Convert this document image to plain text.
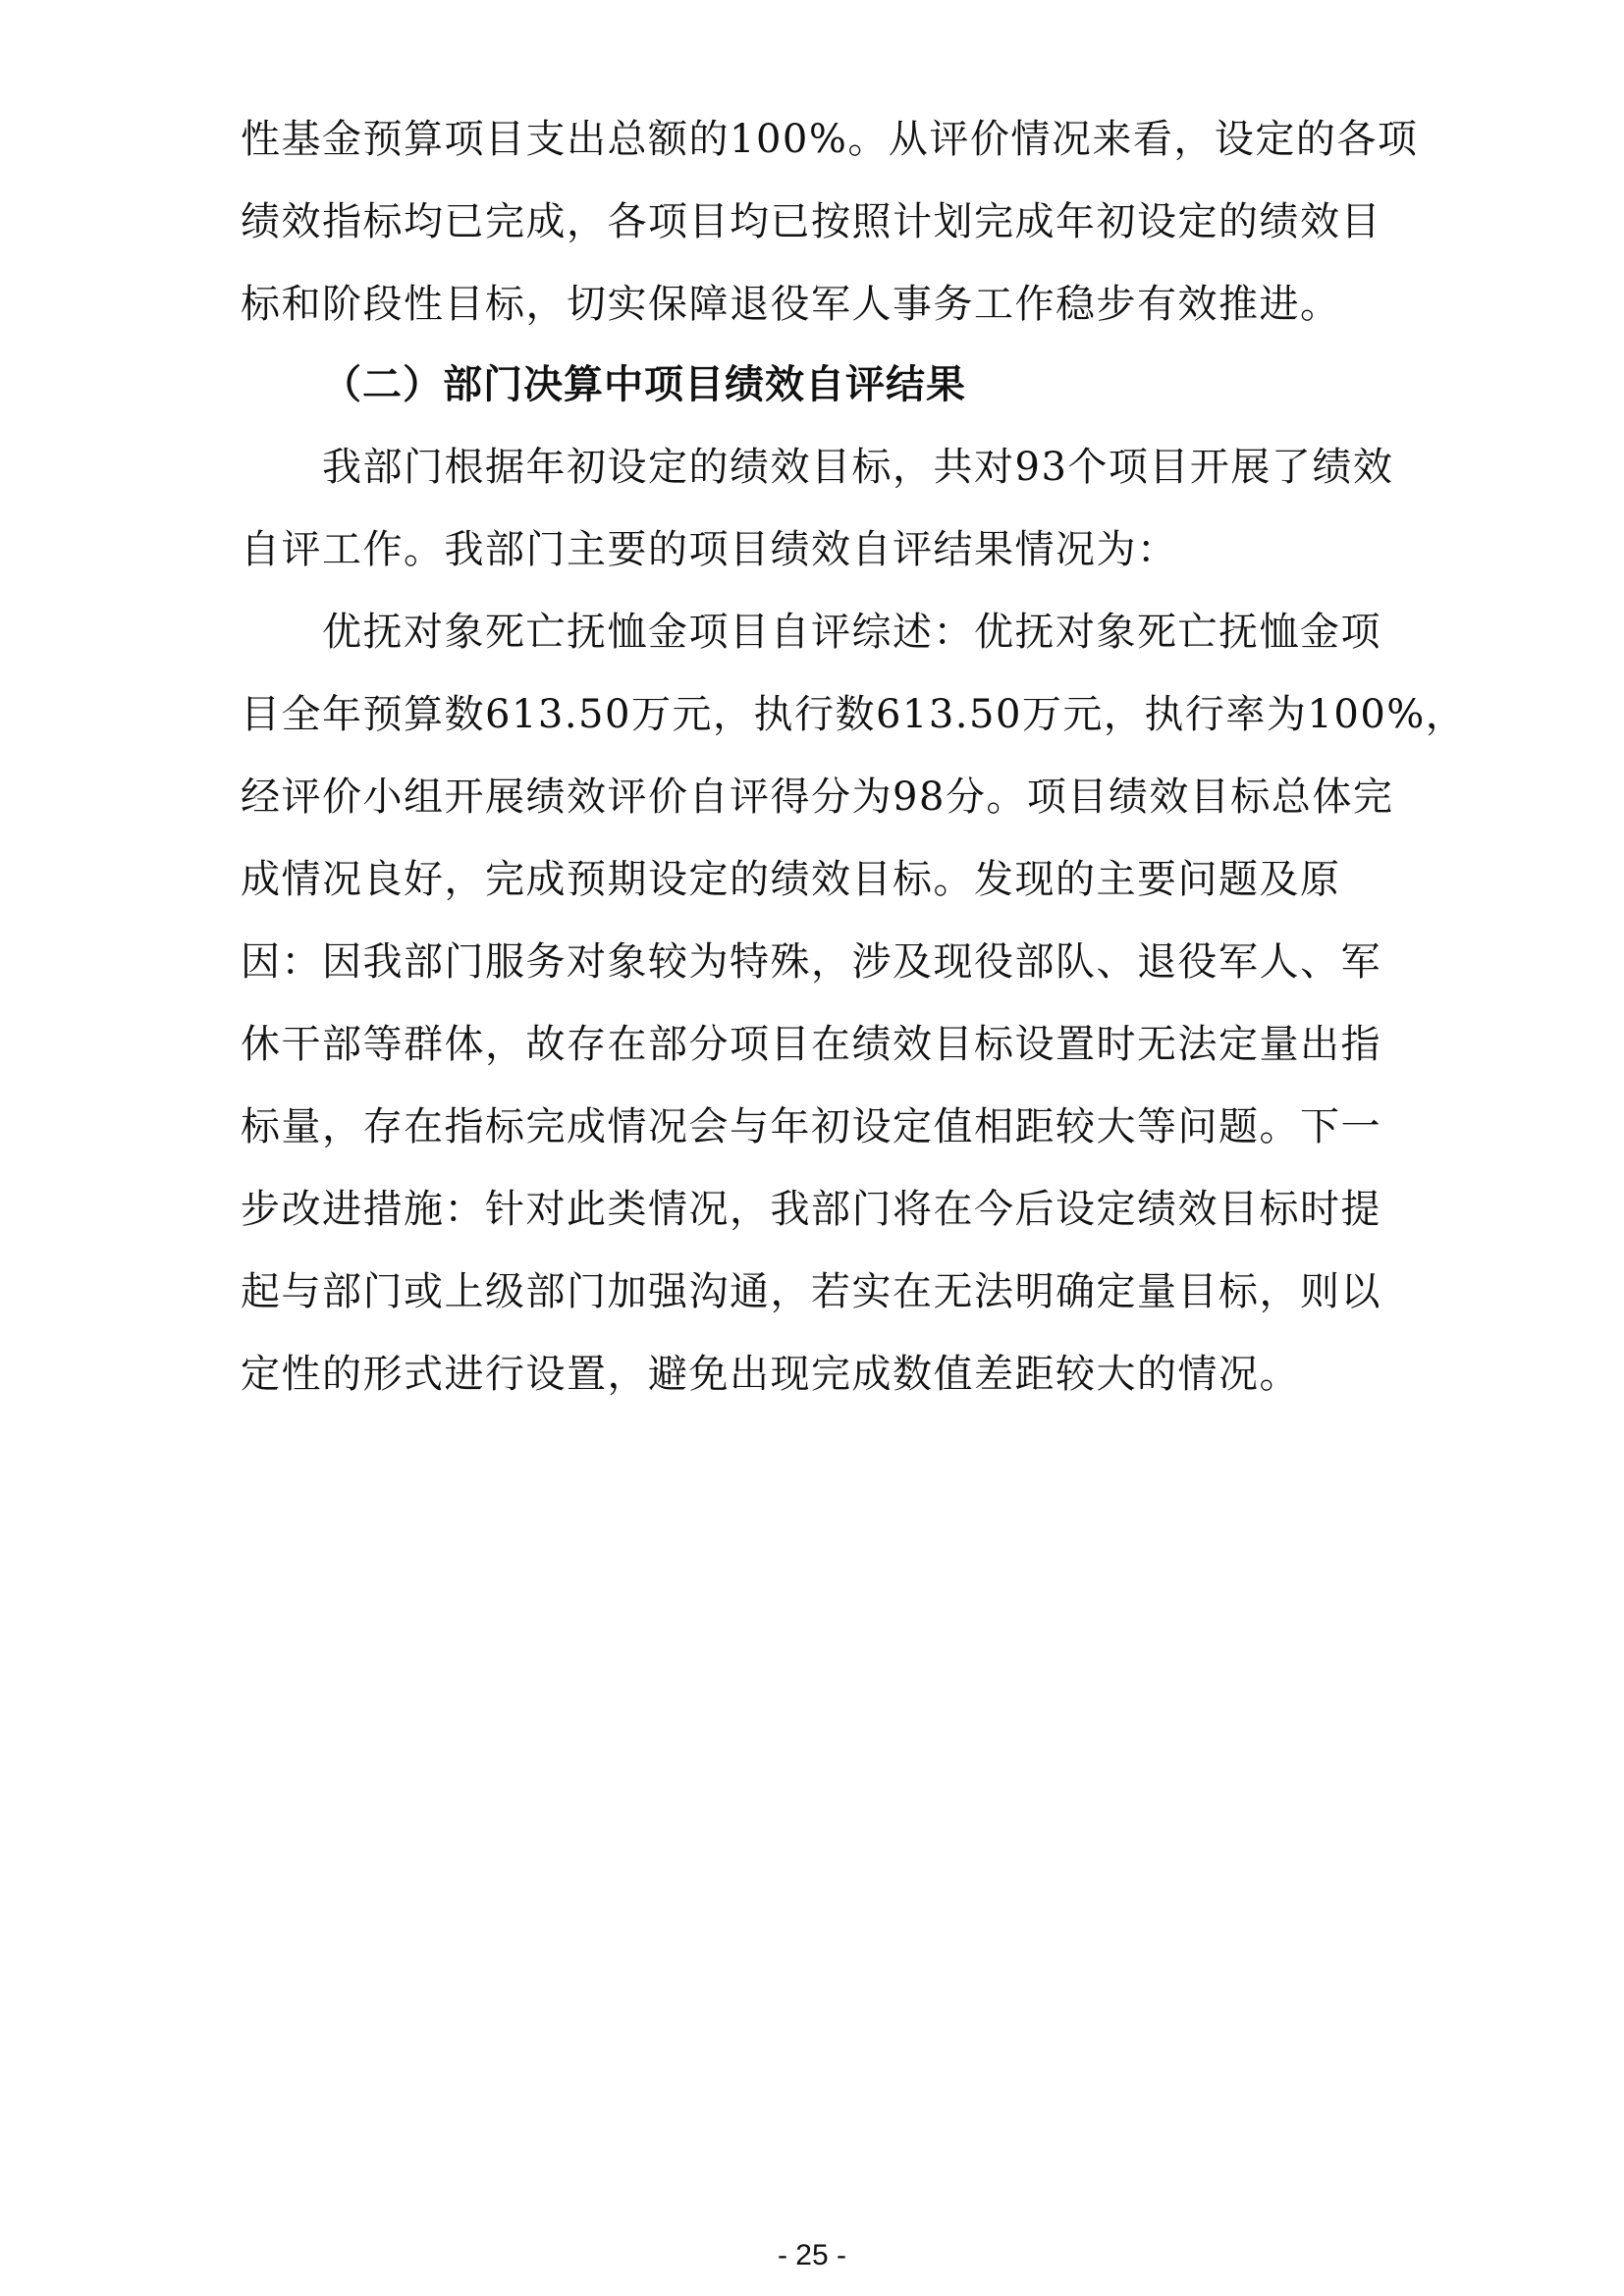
性基金预算项目支出总额的100%。从评价情况来看，设定的各项
绩效指标均已完成，各项目均已按照计划完成年初设定的绩效目
标和阶段性目标，切实保障退役军人事务工作稳步有效推进。
（二）部门决算中项目绩效自评结果
我部门根据年初设定的绩效目标，共对93个项目开展了绩效
自评工作。我部门主要的项目绩效自评结果情况为：
优抚对象死亡抚恤金项目自评综述：优抚对象死亡抚恤金项
目全年预算数613.50万元，执行数613.50万元，执行率为100%，
经评价小组开展绩效评价自评得分为98分。项目绩效目标总体完
成情况良好，完成预期设定的绩效目标。发现的主要问题及原
因：因我部门服务对象较为特殊，涉及现役部队、退役军人、军
休干部等群体，故存在部分项目在绩效目标设置时无法定量出指
标量，存在指标完成情况会与年初设定值相距较大等问题。下一
步改进措施：针对此类情况，我部门将在今后设定绩效目标时提
起与部门或上级部门加强沟通，若实在无法明确定量目标，则以
定性的形式进行设置，避免出现完成数值差距较大的情况。
- 25 -
